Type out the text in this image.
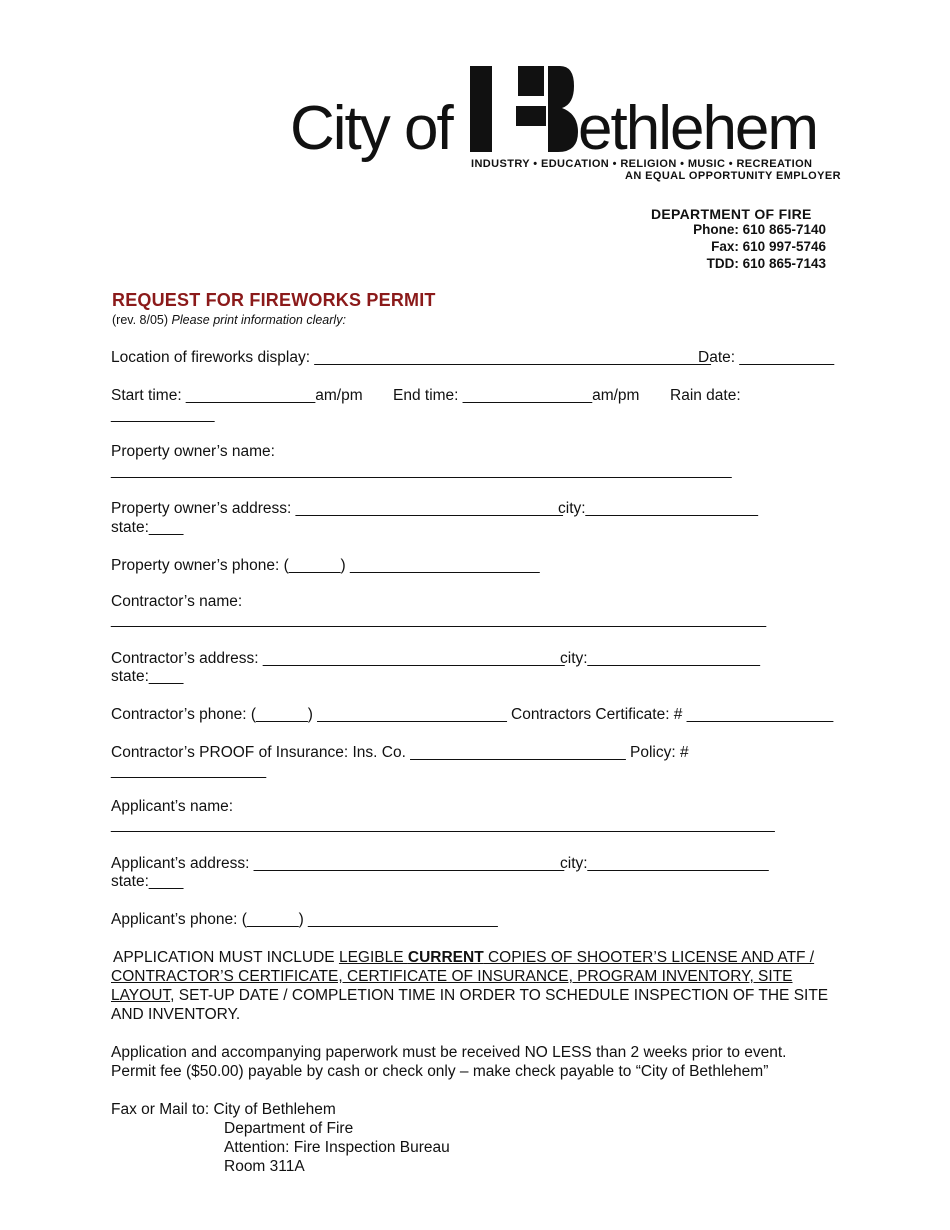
City of ethlehem
INDUSTRY • EDUCATION • RELIGION • MUSIC • RECREATION
AN EQUAL OPPORTUNITY EMPLOYER
DEPARTMENT OF FIRE
Phone: 610 865-7140
Fax: 610 997-5746
TDD: 610 865-7143
REQUEST FOR FIREWORKS PERMIT
(rev. 8/05) Please print information clearly:
Location of fireworks display: ______________________________________________
Date: ___________
Start time: _______________am/pm End time: _______________am/pm Rain date:
____________
Property owner’s name:
________________________________________________________________________
Property owner’s address: _______________________________
city:____________________
state:____
Property owner’s phone: (______) ______________________
Contractor’s name:
____________________________________________________________________________
Contractor’s address: ___________________________________
city:____________________
state:____
Contractor’s phone: (______) ______________________ Contractors Certificate: # _________________
Contractor’s PROOF of Insurance: Ins. Co. _________________________ Policy: #
__________________
Applicant’s name:
_____________________________________________________________________________
Applicant’s address: ____________________________________
city:_____________________
state:____
Applicant’s phone: (______) ______________________
APPLICATION MUST INCLUDE LEGIBLE CURRENT COPIES OF SHOOTER’S LICENSE AND ATF /
CONTRACTOR’S CERTIFICATE, CERTIFICATE OF INSURANCE, PROGRAM INVENTORY, SITE
LAYOUT, SET-UP DATE / COMPLETION TIME IN ORDER TO SCHEDULE INSPECTION OF THE SITE
AND INVENTORY.
Application and accompanying paperwork must be received NO LESS than 2 weeks prior to event.
Permit fee ($50.00) payable by cash or check only – make check payable to “City of Bethlehem”
Fax or Mail to: City of Bethlehem
Department of Fire
Attention: Fire Inspection Bureau
Room 311A
